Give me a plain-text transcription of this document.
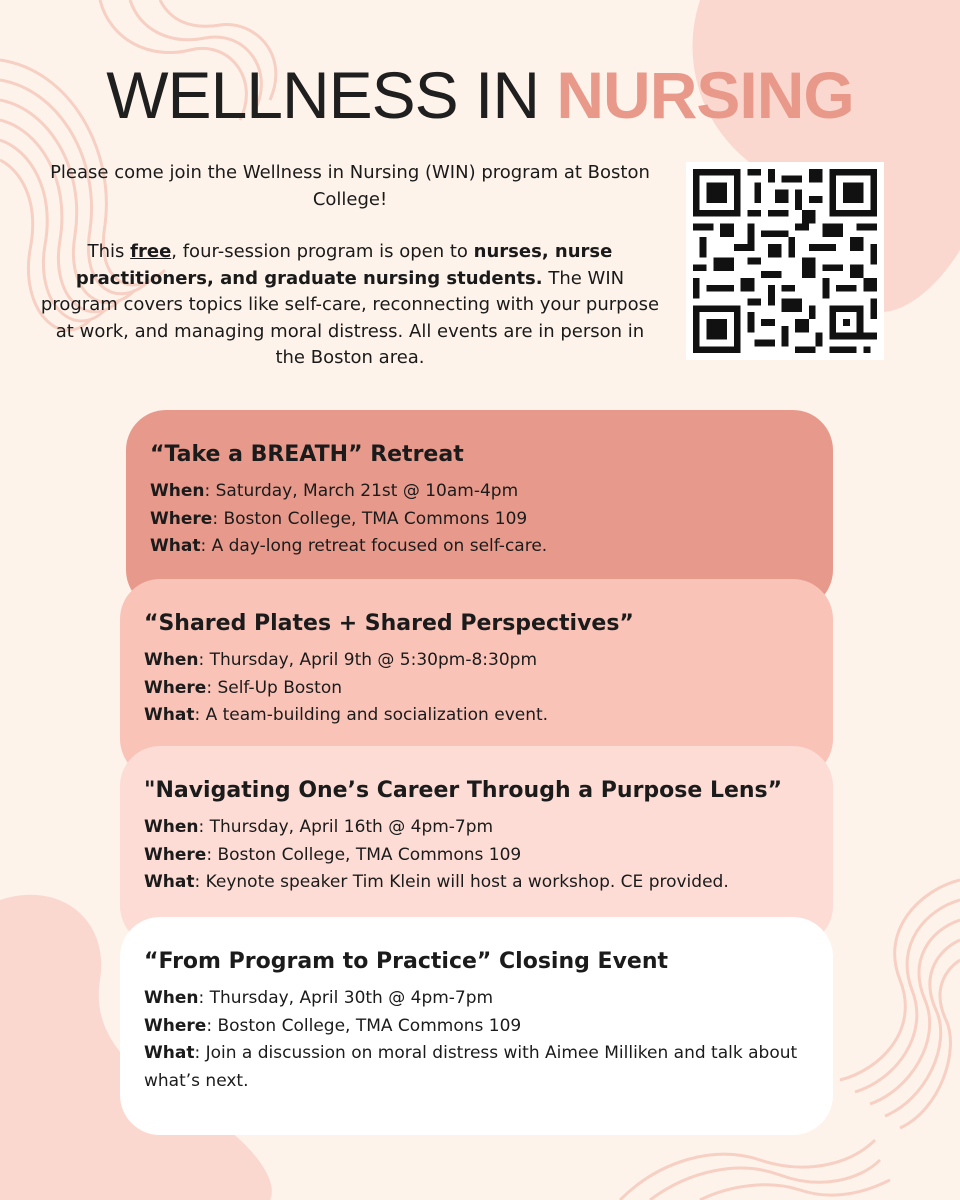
WELLNESS IN NURSING

Please come join the Wellness in Nursing (WIN) program at Boston College!

This free, four-session program is open to nurses, nurse practitioners, and graduate nursing students. The WIN program covers topics like self-care, reconnecting with your purpose at work, and managing moral distress. All events are in person in the Boston area.

“Take a BREATH” Retreat
When: Saturday, March 21st @ 10am-4pm
Where: Boston College, TMA Commons 109
What: A day-long retreat focused on self-care.
“Shared Plates + Shared Perspectives”
When: Thursday, April 9th @ 5:30pm-8:30pm
Where: Self-Up Boston
What: A team-building and socialization event.
"Navigating One’s Career Through a Purpose Lens”
When: Thursday, April 16th @ 4pm-7pm
Where: Boston College, TMA Commons 109
What: Keynote speaker Tim Klein will host a workshop. CE provided.
“From Program to Practice” Closing Event
When: Thursday, April 30th @ 4pm-7pm
Where: Boston College, TMA Commons 109
What: Join a discussion on moral distress with Aimee Milliken and talk about what’s next.
